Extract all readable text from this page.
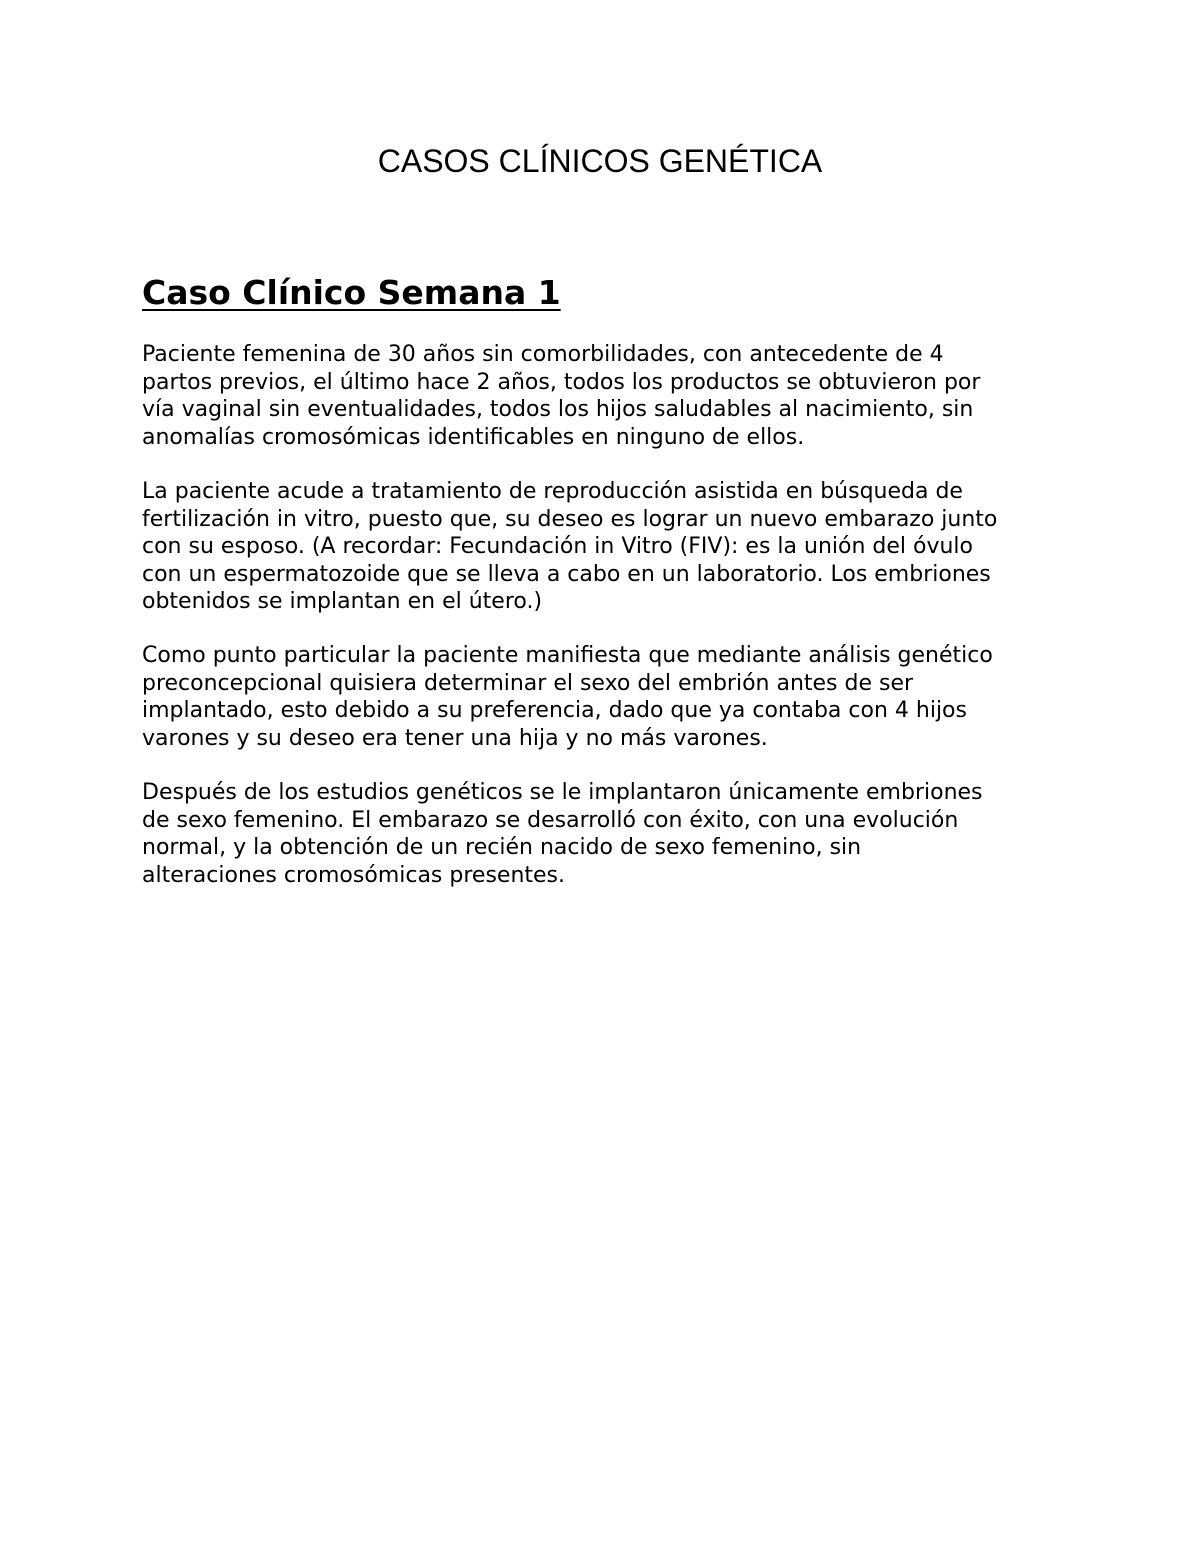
CASOS CLÍNICOS GENÉTICA
Caso Clínico Semana 1

Paciente femenina de 30 años sin comorbilidades, con antecedente de 4
partos previos, el último hace 2 años, todos los productos se obtuvieron por
vía vaginal sin eventualidades, todos los hijos saludables al nacimiento, sin
anomalías cromosómicas identificables en ninguno de ellos.

La paciente acude a tratamiento de reproducción asistida en búsqueda de
fertilización in vitro, puesto que, su deseo es lograr un nuevo embarazo junto
con su esposo. (A recordar: Fecundación in Vitro (FIV): es la unión del óvulo
con un espermatozoide que se lleva a cabo en un laboratorio. Los embriones
obtenidos se implantan en el útero.)

Como punto particular la paciente manifiesta que mediante análisis genético
preconcepcional quisiera determinar el sexo del embrión antes de ser
implantado, esto debido a su preferencia, dado que ya contaba con 4 hijos
varones y su deseo era tener una hija y no más varones.

Después de los estudios genéticos se le implantaron únicamente embriones
de sexo femenino. El embarazo se desarrolló con éxito, con una evolución
normal, y la obtención de un recién nacido de sexo femenino, sin
alteraciones cromosómicas presentes.
